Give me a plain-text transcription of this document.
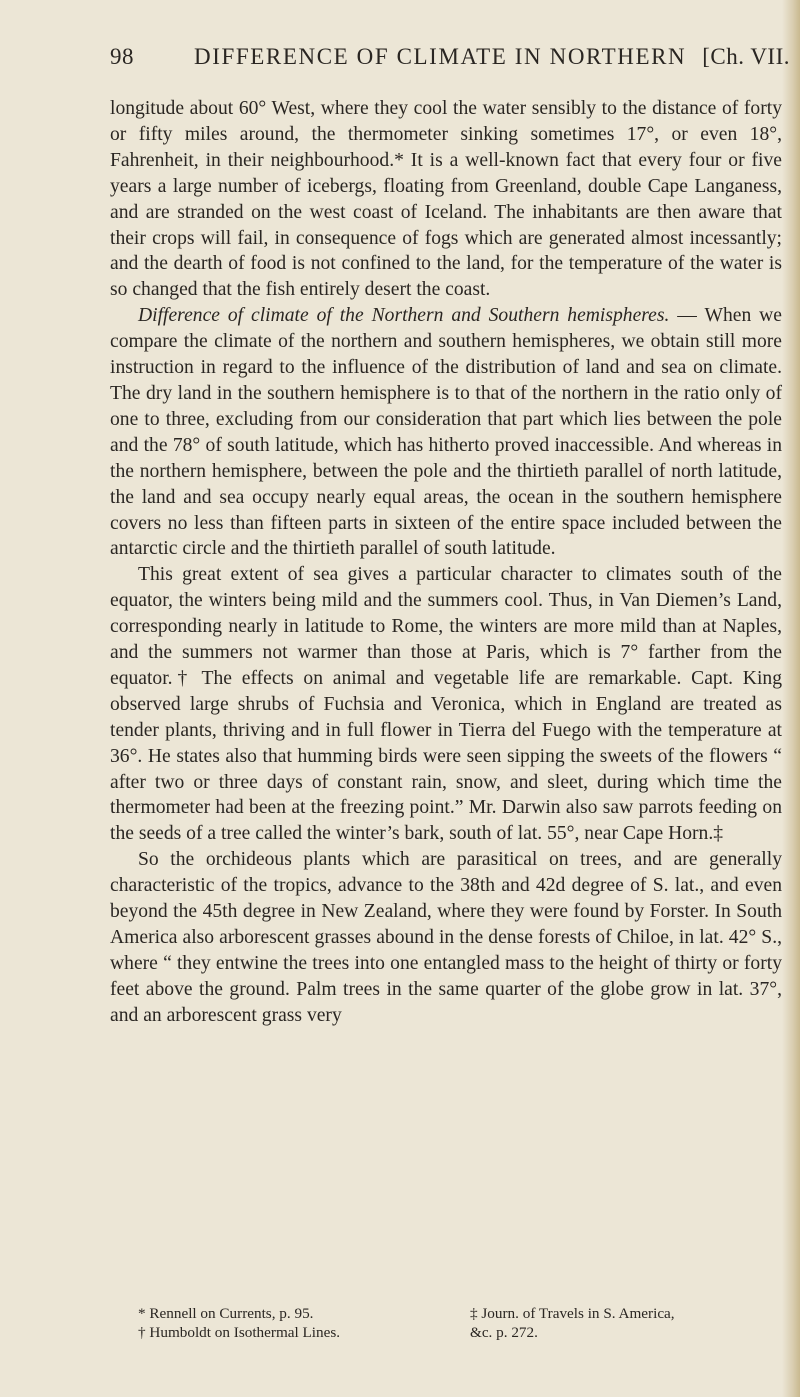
98	DIFFERENCE OF CLIMATE IN NORTHERN [Ch. VII.

longitude about 60° West, where they cool the water sensibly to the distance of forty or fifty miles around, the thermometer sinking sometimes 17°, or even 18°, Fahrenheit, in their neighbourhood.* It is a well-known fact that every four or five years a large number of icebergs, floating from Greenland, double Cape Langaness, and are stranded on the west coast of Iceland. The inhabitants are then aware that their crops will fail, in consequence of fogs which are generated almost incessantly; and the dearth of food is not confined to the land, for the temperature of the water is so changed that the fish entirely desert the coast.

Difference of climate of the Northern and Southern hemispheres. — When we compare the climate of the northern and southern hemispheres, we obtain still more instruction in regard to the influence of the distribution of land and sea on climate. The dry land in the southern hemisphere is to that of the northern in the ratio only of one to three, excluding from our consideration that part which lies between the pole and the 78° of south latitude, which has hitherto proved inaccessible. And whereas in the northern hemisphere, between the pole and the thirtieth parallel of north latitude, the land and sea occupy nearly equal areas, the ocean in the southern hemisphere covers no less than fifteen parts in sixteen of the entire space included between the antarctic circle and the thirtieth parallel of south latitude.

This great extent of sea gives a particular character to climates south of the equator, the winters being mild and the summers cool. Thus, in Van Diemen’s Land, corresponding nearly in latitude to Rome, the winters are more mild than at Naples, and the summers not warmer than those at Paris, which is 7° farther from the equator.† The effects on animal and vegetable life are remarkable. Capt. King observed large shrubs of Fuchsia and Veronica, which in England are treated as tender plants, thriving and in full flower in Tierra del Fuego with the temperature at 36°. He states also that humming birds were seen sipping the sweets of the flowers “ after two or three days of constant rain, snow, and sleet, during which time the thermometer had been at the freezing point.” Mr. Darwin also saw parrots feeding on the seeds of a tree called the winter’s bark, south of lat. 55°, near Cape Horn.‡

So the orchideous plants which are parasitical on trees, and are generally characteristic of the tropics, advance to the 38th and 42d degree of S. lat., and even beyond the 45th degree in New Zealand, where they were found by Forster. In South America also arborescent grasses abound in the dense forests of Chiloe, in lat. 42° S., where “ they entwine the trees into one entangled mass to the height of thirty or forty feet above the ground. Palm trees in the same quarter of the globe grow in lat. 37°, and an arborescent grass very

* Rennell on Currents, p. 95.	‡ Journ. of Travels in S. America,
† Humboldt on Isothermal Lines.	&c. p. 272.
